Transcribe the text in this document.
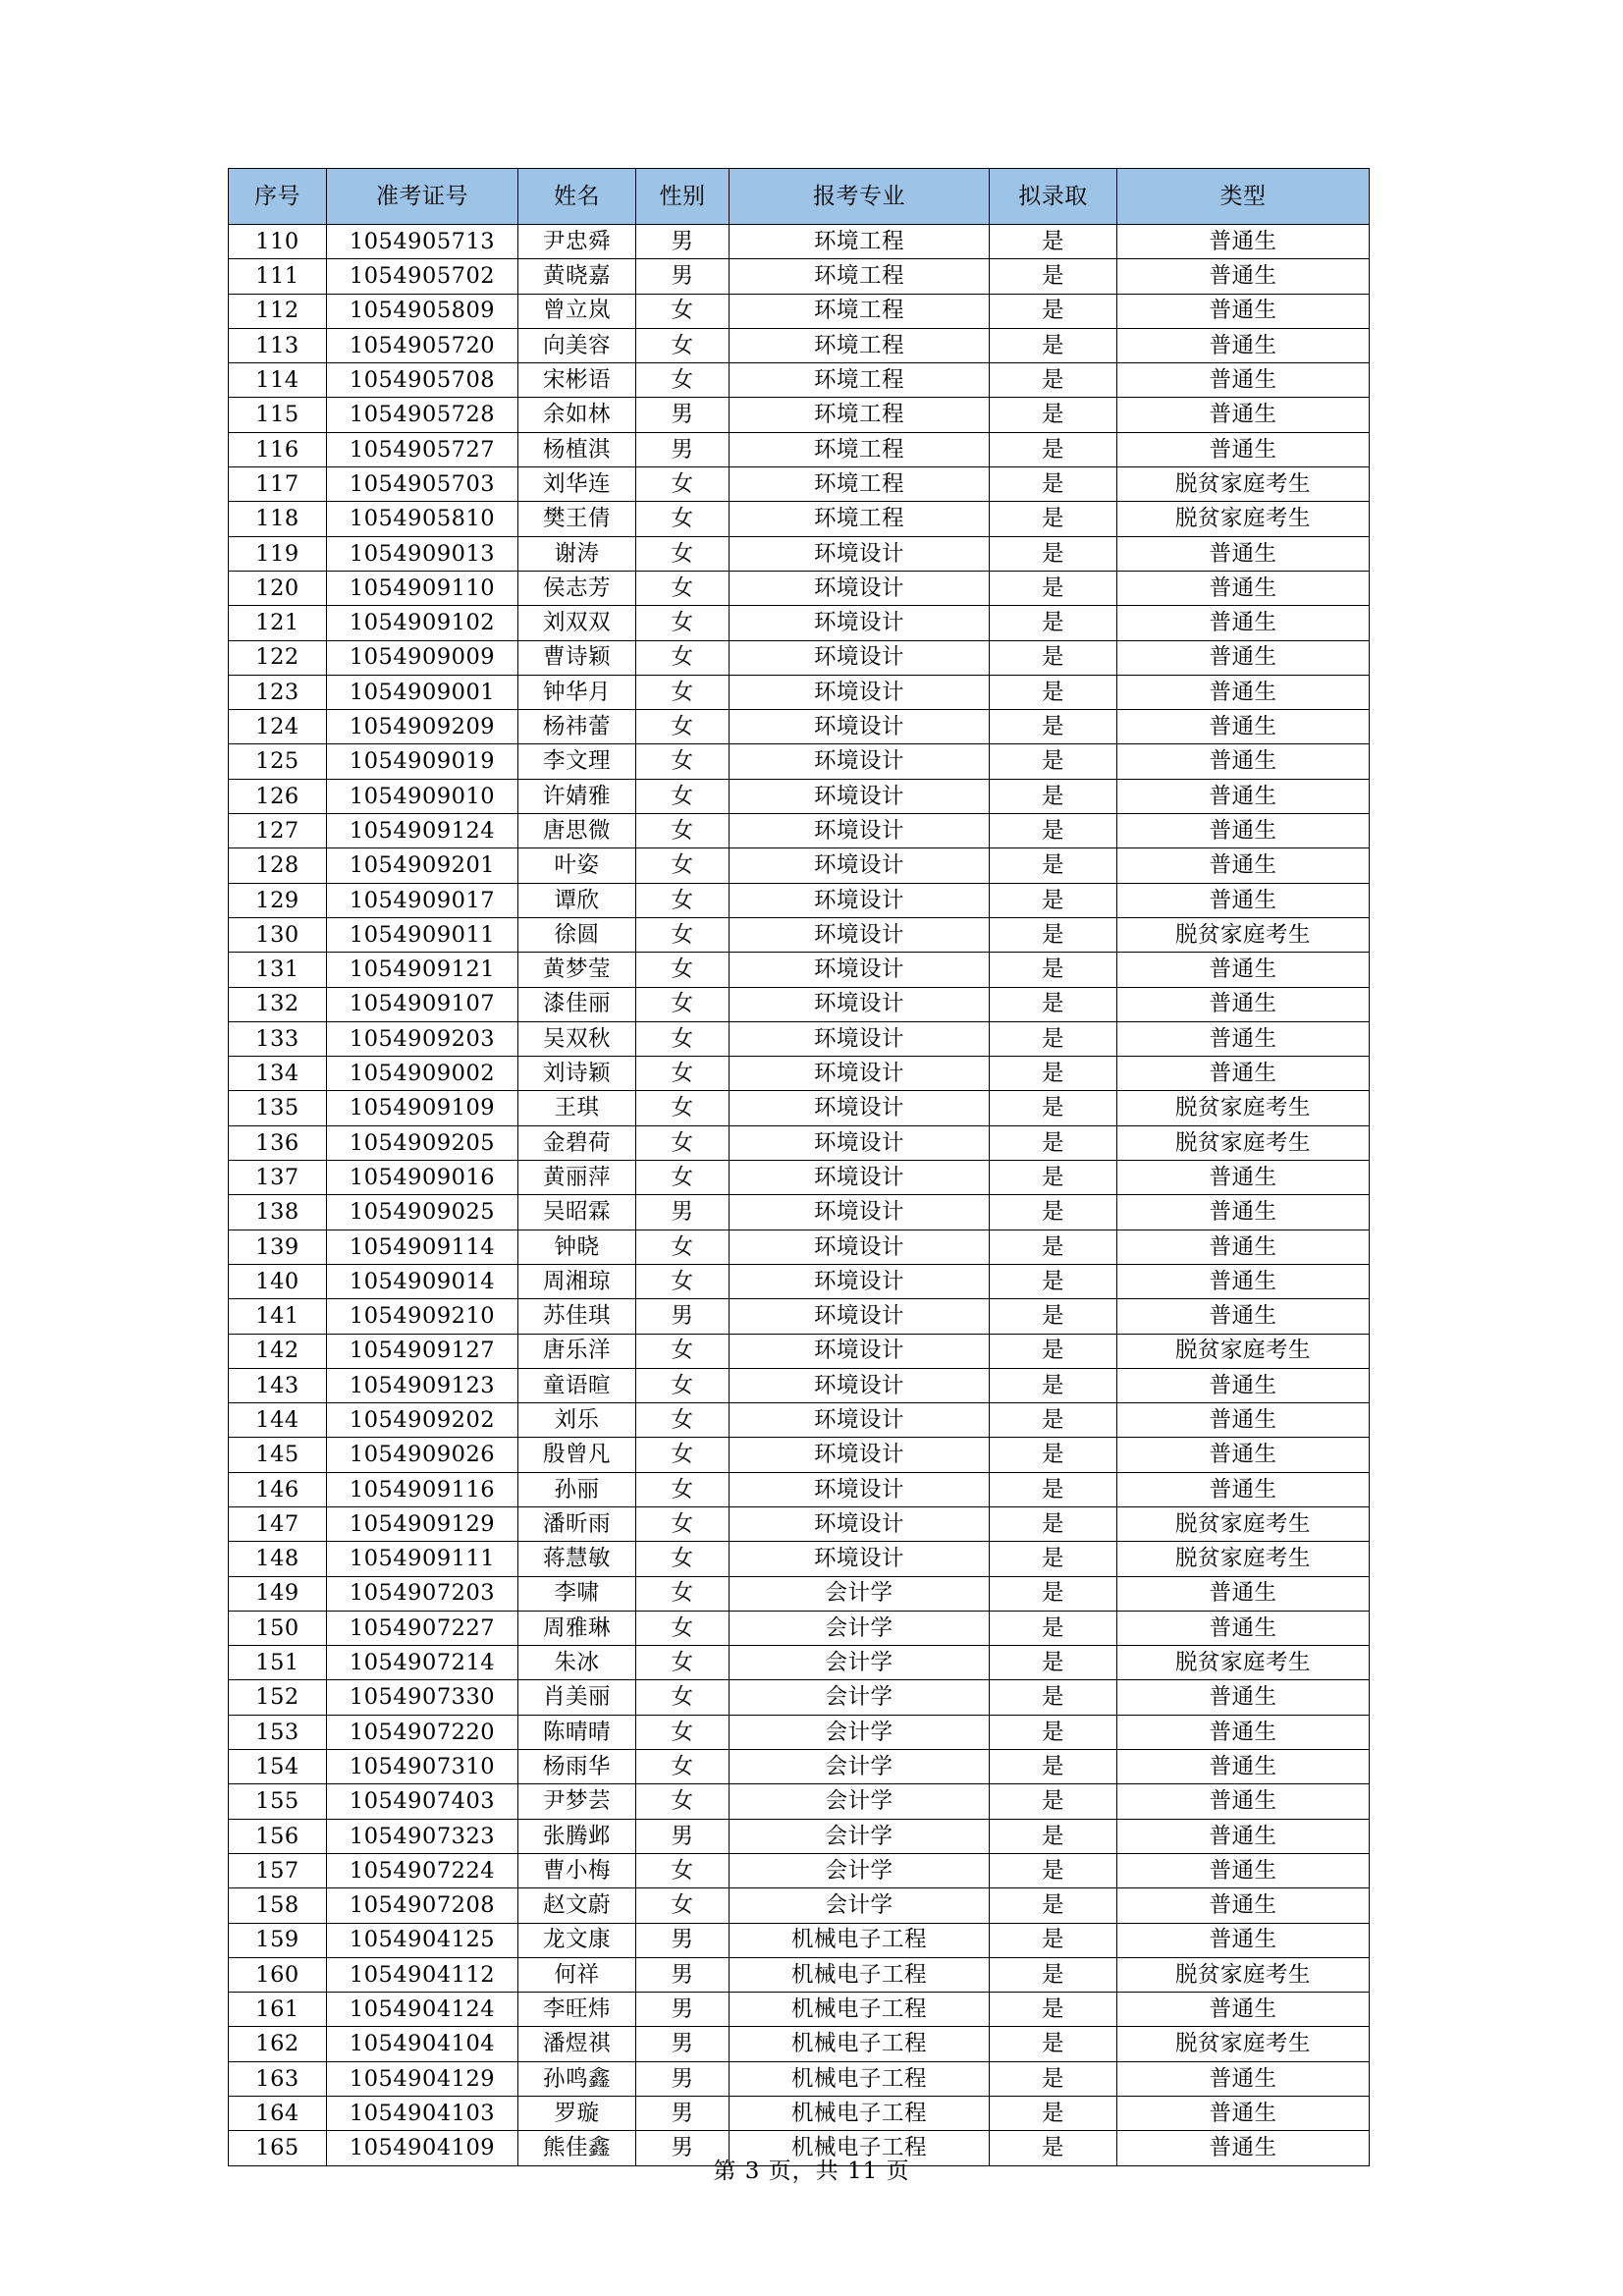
序号	准考证号	姓名	性别	报考专业	拟录取	类型
110	1054905713	尹忠舜	男	环境工程	是	普通生
111	1054905702	黄晓嘉	男	环境工程	是	普通生
112	1054905809	曾立岚	女	环境工程	是	普通生
113	1054905720	向美容	女	环境工程	是	普通生
114	1054905708	宋彬语	女	环境工程	是	普通生
115	1054905728	余如林	男	环境工程	是	普通生
116	1054905727	杨植淇	男	环境工程	是	普通生
117	1054905703	刘华连	女	环境工程	是	脱贫家庭考生
118	1054905810	樊王倩	女	环境工程	是	脱贫家庭考生
119	1054909013	谢涛	女	环境设计	是	普通生
120	1054909110	侯志芳	女	环境设计	是	普通生
121	1054909102	刘双双	女	环境设计	是	普通生
122	1054909009	曹诗颖	女	环境设计	是	普通生
123	1054909001	钟华月	女	环境设计	是	普通生
124	1054909209	杨祎蕾	女	环境设计	是	普通生
125	1054909019	李文理	女	环境设计	是	普通生
126	1054909010	许婧雅	女	环境设计	是	普通生
127	1054909124	唐思微	女	环境设计	是	普通生
128	1054909201	叶姿	女	环境设计	是	普通生
129	1054909017	谭欣	女	环境设计	是	普通生
130	1054909011	徐圆	女	环境设计	是	脱贫家庭考生
131	1054909121	黄梦莹	女	环境设计	是	普通生
132	1054909107	漆佳丽	女	环境设计	是	普通生
133	1054909203	吴双秋	女	环境设计	是	普通生
134	1054909002	刘诗颖	女	环境设计	是	普通生
135	1054909109	王琪	女	环境设计	是	脱贫家庭考生
136	1054909205	金碧荷	女	环境设计	是	脱贫家庭考生
137	1054909016	黄丽萍	女	环境设计	是	普通生
138	1054909025	吴昭霖	男	环境设计	是	普通生
139	1054909114	钟晓	女	环境设计	是	普通生
140	1054909014	周湘琼	女	环境设计	是	普通生
141	1054909210	苏佳琪	男	环境设计	是	普通生
142	1054909127	唐乐洋	女	环境设计	是	脱贫家庭考生
143	1054909123	童语暄	女	环境设计	是	普通生
144	1054909202	刘乐	女	环境设计	是	普通生
145	1054909026	殷曾凡	女	环境设计	是	普通生
146	1054909116	孙丽	女	环境设计	是	普通生
147	1054909129	潘昕雨	女	环境设计	是	脱贫家庭考生
148	1054909111	蒋慧敏	女	环境设计	是	脱贫家庭考生
149	1054907203	李啸	女	会计学	是	普通生
150	1054907227	周雅琳	女	会计学	是	普通生
151	1054907214	朱冰	女	会计学	是	脱贫家庭考生
152	1054907330	肖美丽	女	会计学	是	普通生
153	1054907220	陈晴晴	女	会计学	是	普通生
154	1054907310	杨雨华	女	会计学	是	普通生
155	1054907403	尹梦芸	女	会计学	是	普通生
156	1054907323	张腾邺	男	会计学	是	普通生
157	1054907224	曹小梅	女	会计学	是	普通生
158	1054907208	赵文蔚	女	会计学	是	普通生
159	1054904125	龙文康	男	机械电子工程	是	普通生
160	1054904112	何祥	男	机械电子工程	是	脱贫家庭考生
161	1054904124	李旺炜	男	机械电子工程	是	普通生
162	1054904104	潘煜祺	男	机械电子工程	是	脱贫家庭考生
163	1054904129	孙鸣鑫	男	机械电子工程	是	普通生
164	1054904103	罗璇	男	机械电子工程	是	普通生
165	1054904109	熊佳鑫	男	机械电子工程	是	普通生
第 3 页，共 11 页
